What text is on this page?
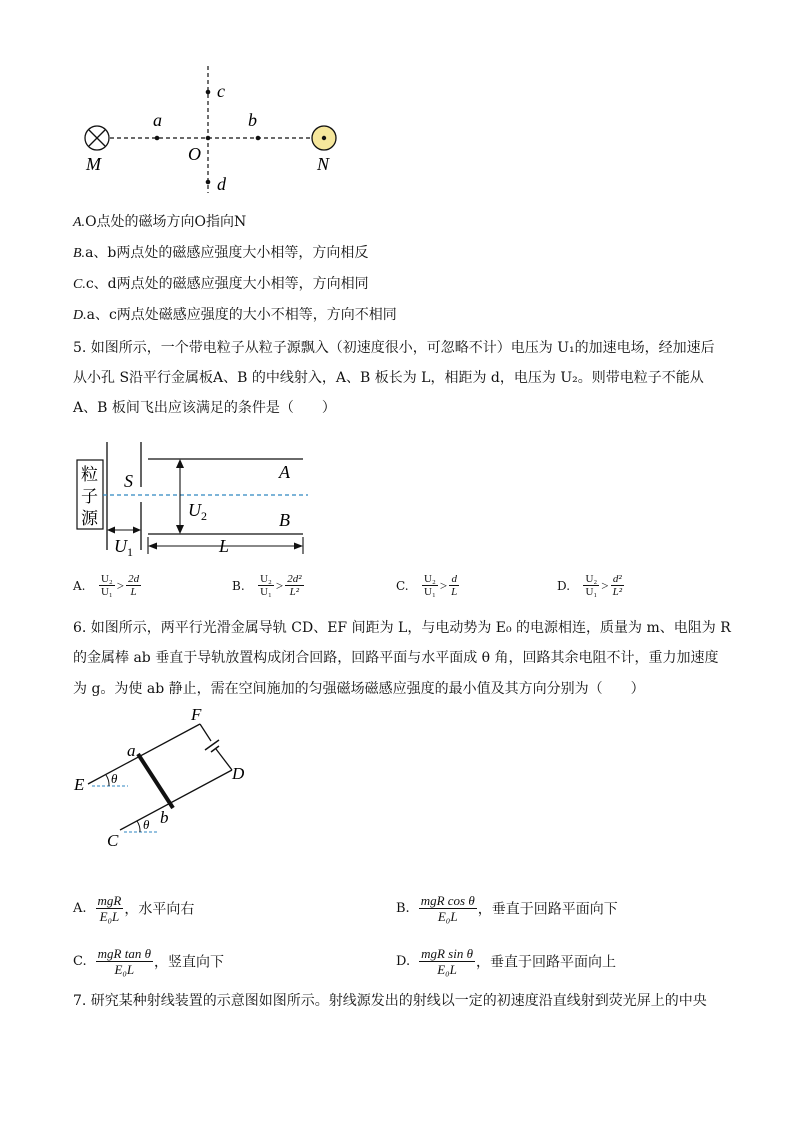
c
a	b
O
d
M	N
A.O点处的磁场方向O指向N
B.a、b两点处的磁感应强度大小相等，方向相反
C.c、d两点处的磁感应强度大小相等，方向相同
D.a、c两点处磁感应强度的大小不相等，方向不相同
5. 如图所示，一个带电粒子从粒子源飘入（初速度很小，可忽略不计）电压为 U₁的加速电场，经加速后
从小孔 S沿平行金属板A、B 的中线射入，A、B 板长为 L，相距为 d，电压为 U₂。则带电粒子不能从
A、B 板间飞出应该满足的条件是（　　）
粒
子
源
S	A
B
$U_2$
$U_1$	L
A. $\frac{\text{U₂}}{\text{U₁}} > \frac{2d}{L}$	B. $\frac{\text{U₂}}{\text{U₁}} > \frac{\text{2d²}}{\text{L²}}$	C. $\frac{\text{U₂}}{\text{U₁}} > \frac{d}{L}$	D. $\frac{\text{U₂}}{\text{U₁}} > \frac{\text{d²}}{\text{L²}}$
6. 如图所示，两平行光滑金属导轨 CD、EF 间距为 L，与电动势为 E₀ 的电源相连，质量为 m、电阻为 R
的金属棒 ab 垂直于导轨放置构成闭合回路，回路平面与水平面成 θ 角，回路其余电阻不计，重力加速度
为 g。为使 ab 静止，需在空间施加的匀强磁场磁感应强度的最小值及其方向分别为（　　）
F
a
D
E θ
C
θ b
A. $\frac{\text{mgR}}{\text{E₀L}}$ ，水平向右	B. $\frac{\text{mgR cos θ}}{\text{E₀L}}$ ，垂直于回路平面向下
C. $\frac{\text{mgR tan θ}}{\text{E₀L}}$ ，竖直向下	D. $\frac{\text{mgR sin θ}}{\text{E₀L}}$ ，垂直于回路平面向上
7. 研究某种射线装置的示意图如图所示。射线源发出的射线以一定的初速度沿直线射到荧光屏上的中央
